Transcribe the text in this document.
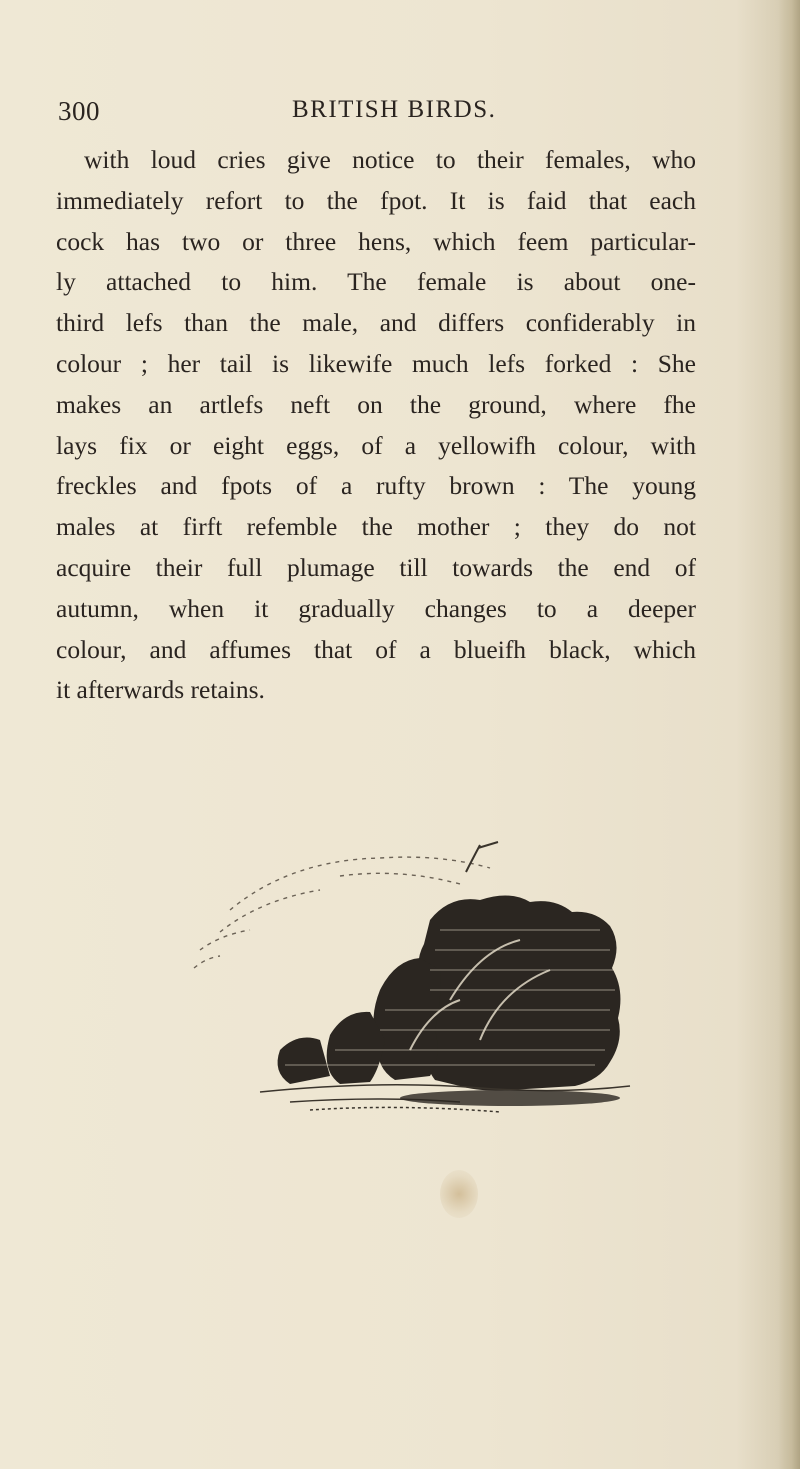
300	BRITISH BIRDS.
with loud cries give notice to their females, who
immediately refort to the fpot. It is faid that each
cock has two or three hens, which feem particular-
ly attached to him. The female is about one-
third lefs than the male, and differs confiderably in
colour ; her tail is likewife much lefs forked : She
makes an artlefs neft on the ground, where fhe
lays fix or eight eggs, of a yellowifh colour, with
freckles and fpots of a rufty brown : The young
males at firft refemble the mother ; they do not
acquire their full plumage till towards the end of
autumn, when it gradually changes to a deeper
colour, and affumes that of a blueifh black, which
it afterwards retains.
